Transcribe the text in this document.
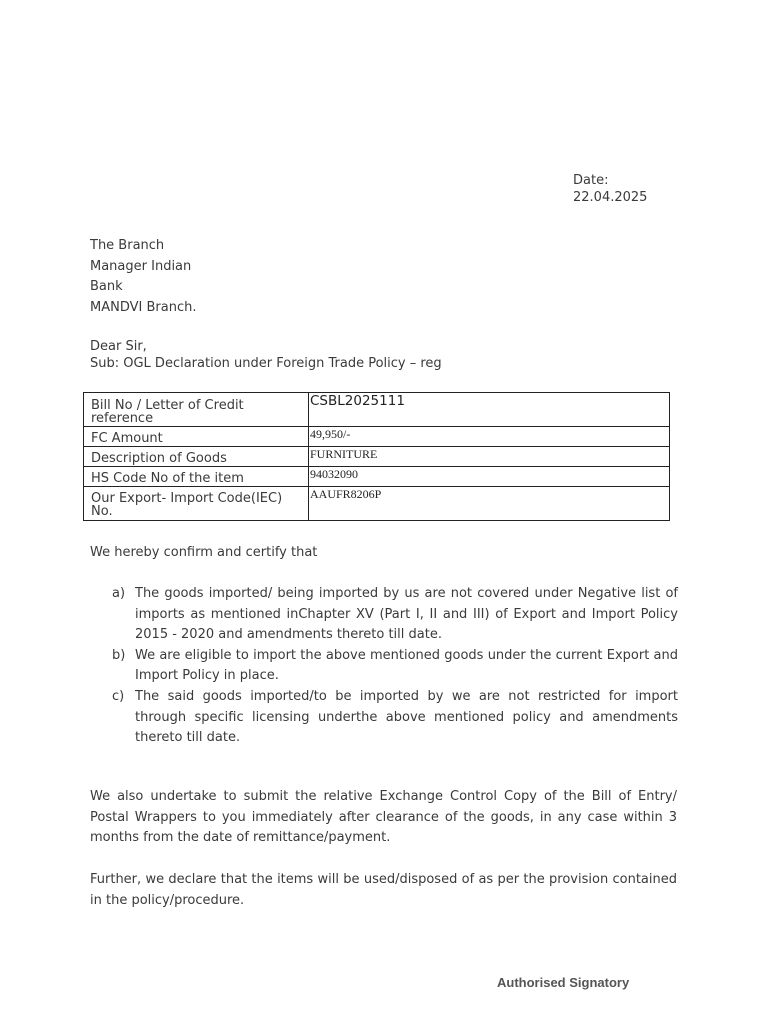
Date:
22.04.2025
The Branch
Manager Indian
Bank
MANDVI Branch.
Dear Sir,
Sub: OGL Declaration under Foreign Trade Policy – reg
Bill No / Letter of Credit
reference	CSBL2025111
FC Amount	49,950/-
Description of Goods	FURNITURE
HS Code No of the item	94032090

Our Export- Import Code(IEC)
No.	AAUFR8206P
We hereby confirm and certify that
a) The goods imported/ being imported by us are not covered under Negative list of imports as mentioned inChapter XV (Part I, II and III) of Export and Import Policy 2015 - 2020 and amendments thereto till date.
b) We are eligible to import the above mentioned goods under the current Export and Import Policy in place.
c) The said goods imported/to be imported by we are not restricted for import through specific licensing underthe above mentioned policy and amendments thereto till date.
We also undertake to submit the relative Exchange Control Copy of the Bill of Entry/ Postal Wrappers to you immediately after clearance of the goods, in any case within 3 months from the date of remittance/payment.
Further, we declare that the items will be used/disposed of as per the provision contained in the policy/procedure.
Authorised Signatory
